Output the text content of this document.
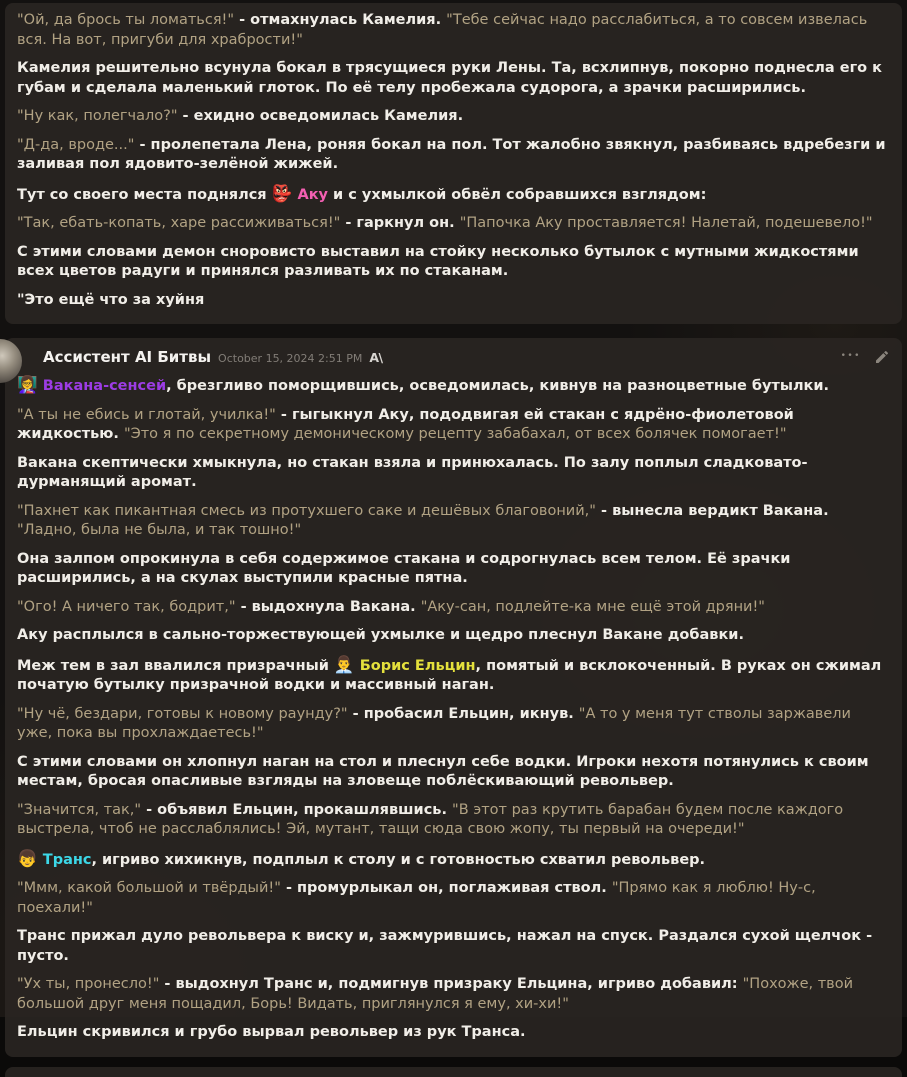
"Ой, да брось ты ломаться!" - отмахнулась Камелия. "Тебе сейчас надо расслабиться, а то совсем извелась вся. На вот, пригуби для храбрости!"

Камелия решительно всунула бокал в трясущиеся руки Лены. Та, всхлипнув, покорно поднесла его к губам и сделала маленький глоток. По её телу пробежала судорога, а зрачки расширились.

"Ну как, полегчало?" - ехидно осведомилась Камелия.

"Д-да, вроде..." - пролепетала Лена, роняя бокал на пол. Тот жалобно звякнул, разбиваясь вдребезги и заливая пол ядовито-зелёной жижей.

Тут со своего места поднялся 👺 Аку и с ухмылкой обвёл собравшихся взглядом:

"Так, ебать-копать, харе рассиживаться!" - гаркнул он. "Папочка Аку проставляется! Налетай, подешевело!"

С этими словами демон сноровисто выставил на стойку несколько бутылок с мутными жидкостями всех цветов радуги и принялся разливать их по стаканам.

"Это ещё что за хуйня

Ассистент AI Битвы October 15, 2024 2:51 PM A\	•••

👩‍🏫 Вакана-сенсей, брезгливо поморщившись, осведомилась, кивнув на разноцветные бутылки.

"А ты не ебись и глотай, училка!" - гыгыкнул Аку, пододвигая ей стакан с ядрёно-фиолетовой жидкостью. "Это я по секретному демоническому рецепту забабахал, от всех болячек помогает!"

Вакана скептически хмыкнула, но стакан взяла и принюхалась. По залу поплыл сладковато-дурманящий аромат.

"Пахнет как пикантная смесь из протухшего саке и дешёвых благовоний," - вынесла вердикт Вакана. "Ладно, была не была, и так тошно!"

Она залпом опрокинула в себя содержимое стакана и содрогнулась всем телом. Её зрачки расширились, а на скулах выступили красные пятна.

"Ого! А ничего так, бодрит," - выдохнула Вакана. "Аку-сан, подлейте-ка мне ещё этой дряни!"

Аку расплылся в сально-торжествующей ухмылке и щедро плеснул Вакане добавки.

Меж тем в зал ввалился призрачный 👨‍💼 Борис Ельцин, помятый и всклокоченный. В руках он сжимал початую бутылку призрачной водки и массивный наган.

"Ну чё, бездари, готовы к новому раунду?" - пробасил Ельцин, икнув. "А то у меня тут стволы заржавели уже, пока вы прохлаждаетесь!"

С этими словами он хлопнул наган на стол и плеснул себе водки. Игроки нехотя потянулись к своим местам, бросая опасливые взгляды на зловеще поблёскивающий револьвер.

"Значится, так," - объявил Ельцин, прокашлявшись. "В этот раз крутить барабан будем после каждого выстрела, чтоб не расслаблялись! Эй, мутант, тащи сюда свою жопу, ты первый на очереди!"

👦 Транс, игриво хихикнув, подплыл к столу и с готовностью схватил револьвер.

"Ммм, какой большой и твёрдый!" - промурлыкал он, поглаживая ствол. "Прямо как я люблю! Ну-с, поехали!"

Транс прижал дуло револьвера к виску и, зажмурившись, нажал на спуск. Раздался сухой щелчок - пусто.

"Ух ты, пронесло!" - выдохнул Транс и, подмигнув призраку Ельцина, игриво добавил: "Похоже, твой большой друг меня пощадил, Борь! Видать, приглянулся я ему, хи-хи!"

Ельцин скривился и грубо вырвал револьвер из рук Транса.
